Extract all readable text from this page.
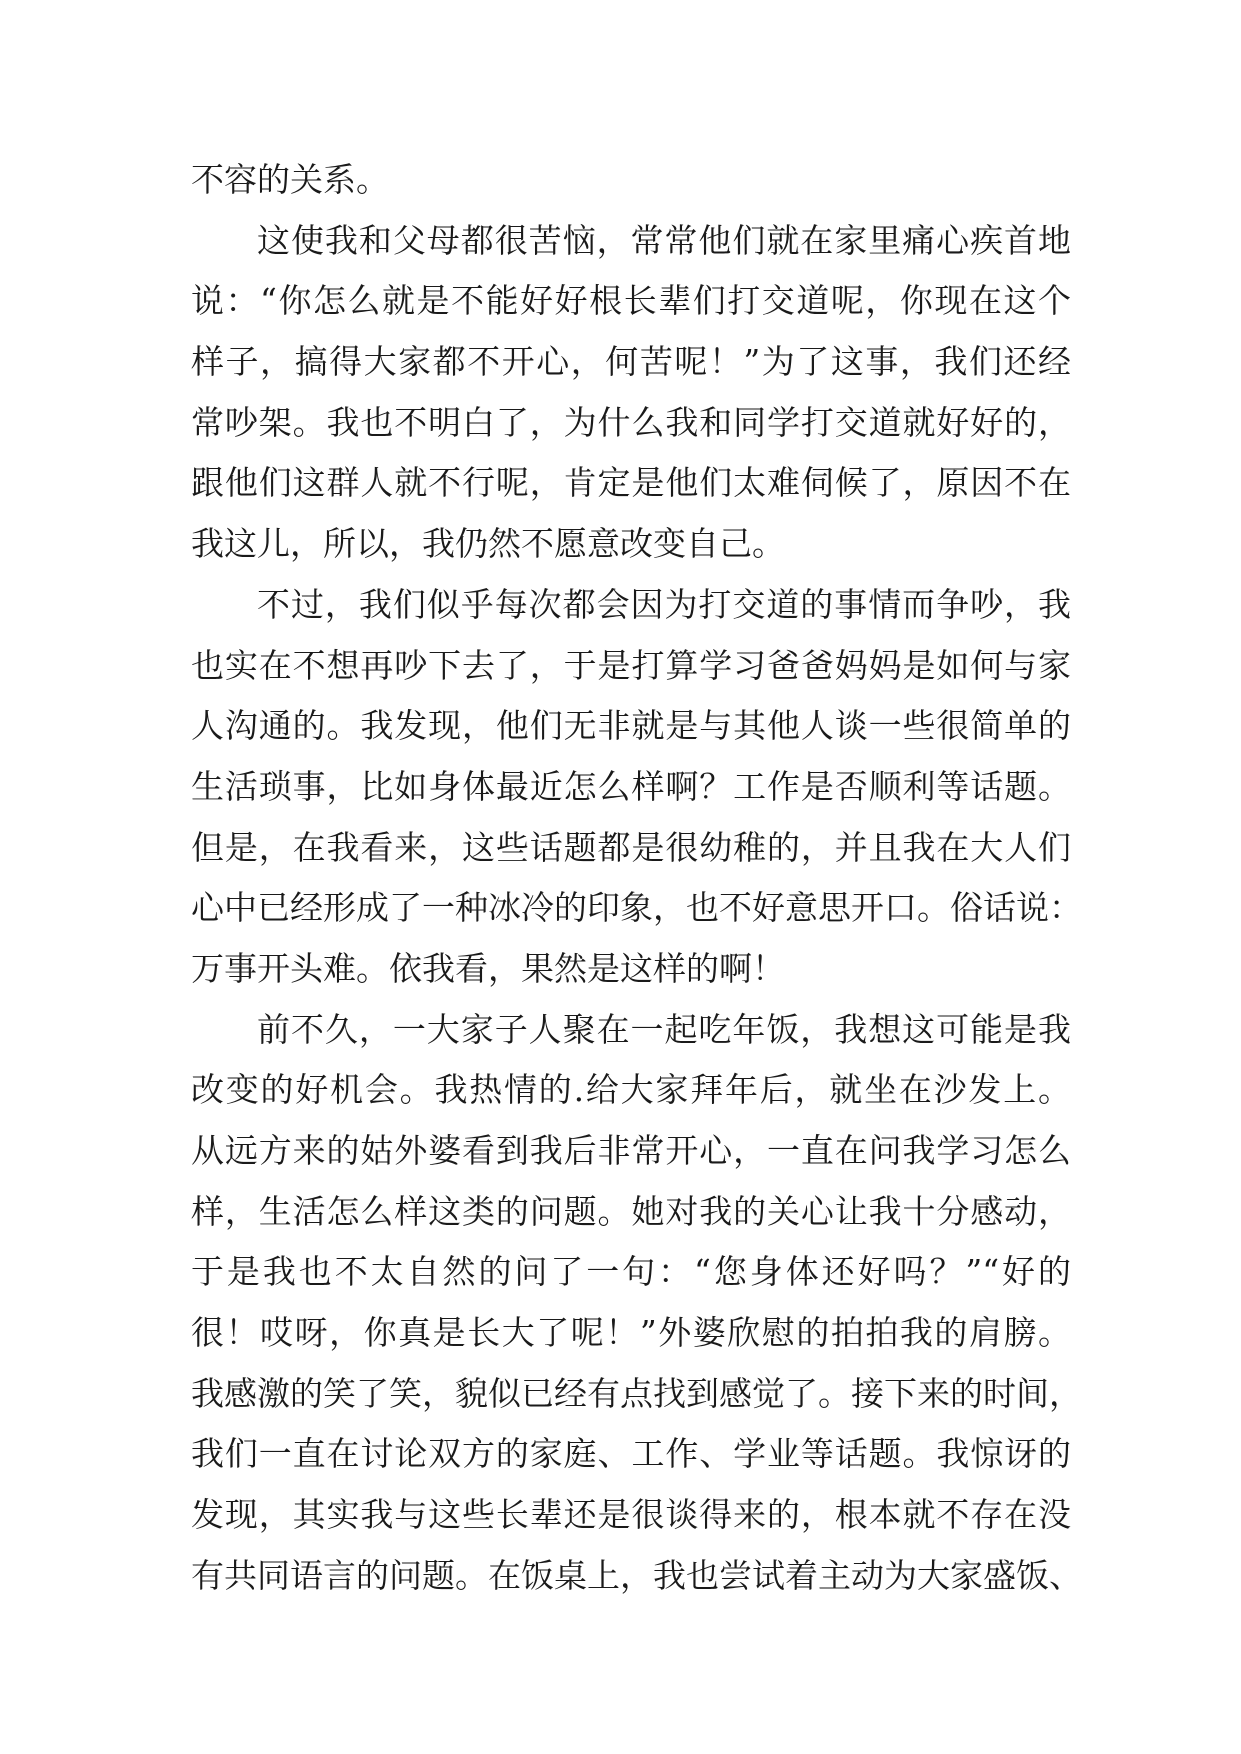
不容的关系。
这使我和父母都很苦恼，常常他们就在家里痛心疾首地
说：“你怎么就是不能好好根长辈们打交道呢，你现在这个
样子，搞得大家都不开心，何苦呢！”为了这事，我们还经
常吵架。我也不明白了，为什么我和同学打交道就好好的，
跟他们这群人就不行呢，肯定是他们太难伺候了，原因不在
我这儿，所以，我仍然不愿意改变自己。
不过，我们似乎每次都会因为打交道的事情而争吵，我
也实在不想再吵下去了，于是打算学习爸爸妈妈是如何与家
人沟通的。我发现，他们无非就是与其他人谈一些很简单的
生活琐事，比如身体最近怎么样啊？工作是否顺利等话题。
但是，在我看来，这些话题都是很幼稚的，并且我在大人们
心中已经形成了一种冰冷的印象，也不好意思开口。俗话说：
万事开头难。依我看，果然是这样的啊！
前不久，一大家子人聚在一起吃年饭，我想这可能是我
改变的好机会。我热情的.给大家拜年后，就坐在沙发上。
从远方来的姑外婆看到我后非常开心，一直在问我学习怎么
样，生活怎么样这类的问题。她对我的关心让我十分感动，
于是我也不太自然的问了一句：“您身体还好吗？”“好的
很！哎呀，你真是长大了呢！”外婆欣慰的拍拍我的肩膀。
我感激的笑了笑，貌似已经有点找到感觉了。接下来的时间，
我们一直在讨论双方的家庭、工作、学业等话题。我惊讶的
发现，其实我与这些长辈还是很谈得来的，根本就不存在没
有共同语言的问题。在饭桌上，我也尝试着主动为大家盛饭、
